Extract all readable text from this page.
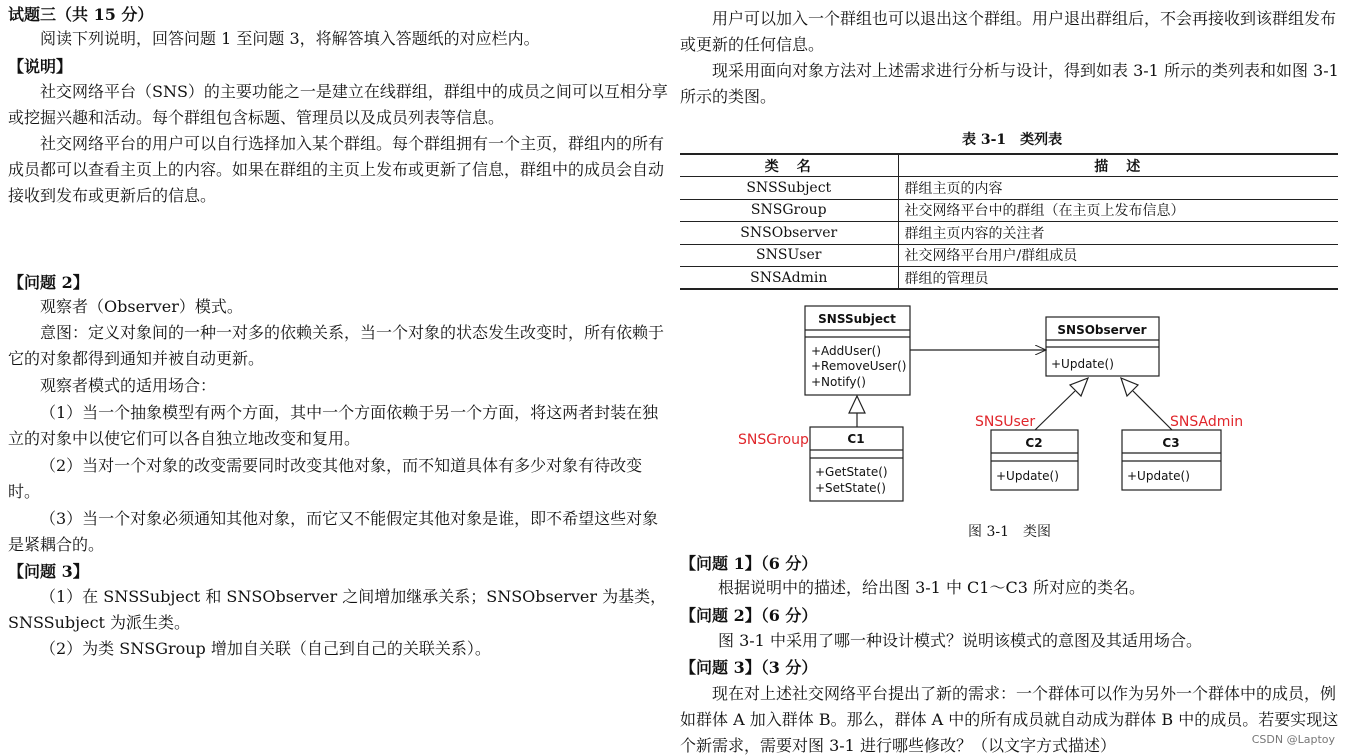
试题三（共 15 分）
阅读下列说明，回答问题 1 至问题 3，将解答填入答题纸的对应栏内。
【说明】
社交网络平台（SNS）的主要功能之一是建立在线群组，群组中的成员之间可以互相分享或挖掘兴趣和活动。每个群组包含标题、管理员以及成员列表等信息。
社交网络平台的用户可以自行选择加入某个群组。每个群组拥有一个主页，群组内的所有成员都可以查看主页上的内容。如果在群组的主页上发布或更新了信息，群组中的成员会自动接收到发布或更新后的信息。
【问题 2】
观察者（Observer）模式。
意图：定义对象间的一种一对多的依赖关系，当一个对象的状态发生改变时，所有依赖于它的对象都得到通知并被自动更新。
观察者模式的适用场合：
（1）当一个抽象模型有两个方面，其中一个方面依赖于另一个方面，将这两者封装在独立的对象中以使它们可以各自独立地改变和复用。
（2）当对一个对象的改变需要同时改变其他对象，而不知道具体有多少对象有待改变时。
（3）当一个对象必须通知其他对象，而它又不能假定其他对象是谁，即不希望这些对象是紧耦合的。
【问题 3】
（1）在 SNSSubject 和 SNSObserver 之间增加继承关系；SNSObserver 为基类，SNSSubject 为派生类。
（2）为类 SNSGroup 增加自关联（自己到自己的关联关系）。
用户可以加入一个群组也可以退出这个群组。用户退出群组后，不会再接收到该群组发布或更新的任何信息。
现采用面向对象方法对上述需求进行分析与设计，得到如表 3-1 所示的类列表和如图 3-1 所示的类图。
表 3-1　类列表
类　名	描　述
SNSSubject	群组主页的内容
SNSGroup	社交网络平台中的群组（在主页上发布信息）
SNSObserver	群组主页内容的关注者
SNSUser	社交网络平台用户/群组成员
SNSAdmin	群组的管理员
SNSSubject
+AddUser()
+RemoveUser()
+Notify()
SNSObserver
+Update()
C1
+GetState()
+SetState()
C2
+Update()
C3
+Update()
SNSGroup
SNSUser	SNSAdmin
图 3-1　类图
【问题 1】（6 分）
根据说明中的描述，给出图 3-1 中 C1～C3 所对应的类名。
【问题 2】（6 分）
图 3-1 中采用了哪一种设计模式？说明该模式的意图及其适用场合。
【问题 3】（3 分）
现在对上述社交网络平台提出了新的需求：一个群体可以作为另外一个群体中的成员，例如群体 A 加入群体 B。那么，群体 A 中的所有成员就自动成为群体 B 中的成员。若要实现这个新需求，需要对图 3-1 进行哪些修改？（以文字方式描述）	CSDN @Laptoy
